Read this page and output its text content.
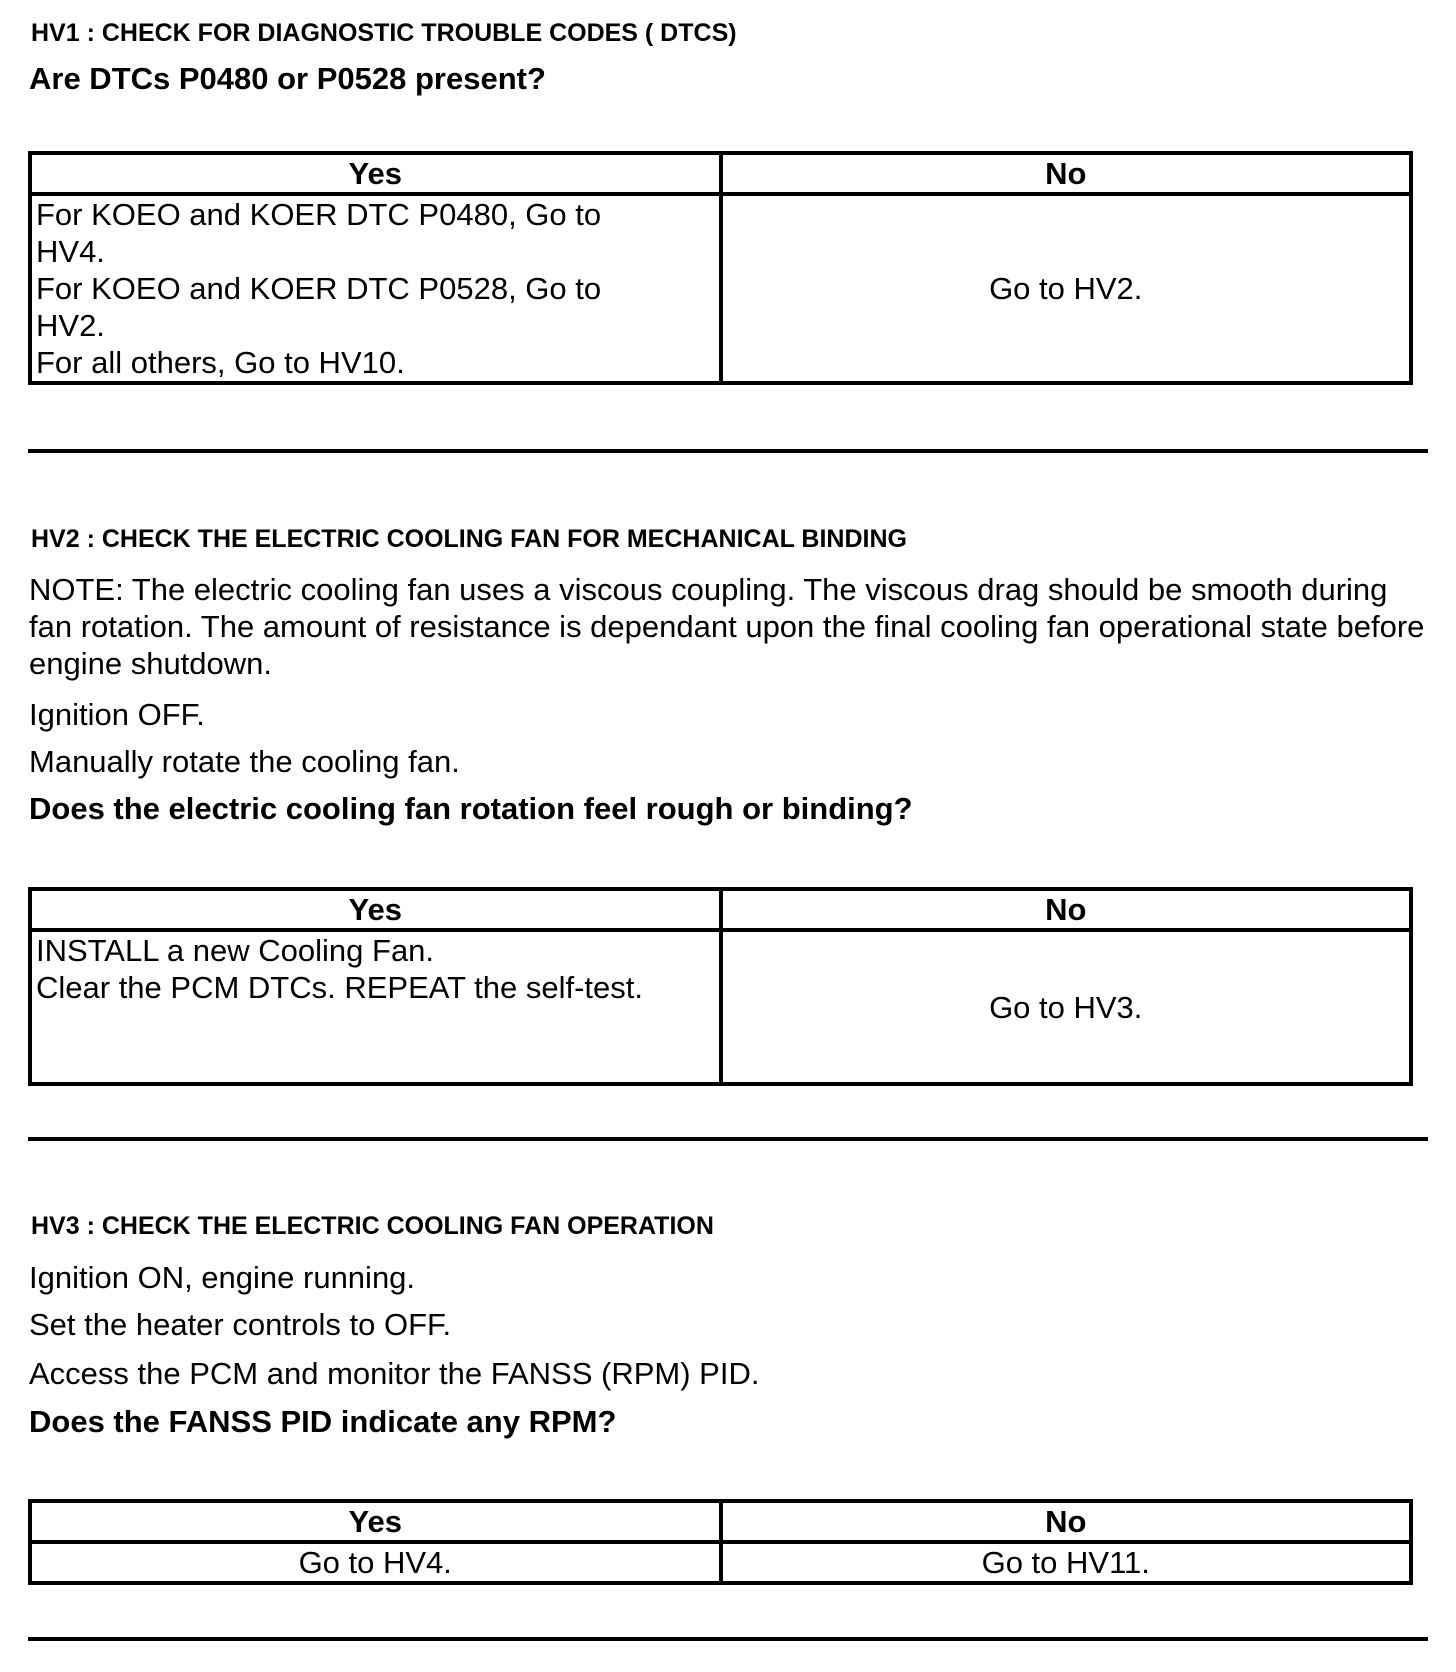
HV1 : CHECK FOR DIAGNOSTIC TROUBLE CODES ( DTCS)
Are DTCs P0480 or P0528 present?
Yes	No

For KOEO and KOER DTC P0480, Go to
HV4.
For KOEO and KOER DTC P0528, Go to
HV2.
For all others, Go to HV10.	Go to HV2.
HV2 : CHECK THE ELECTRIC COOLING FAN FOR MECHANICAL BINDING
NOTE: The electric cooling fan uses a viscous coupling. The viscous drag should be smooth during fan rotation. The amount of resistance is dependant upon the final cooling fan operational state before engine shutdown.
Ignition OFF.
Manually rotate the cooling fan.
Does the electric cooling fan rotation feel rough or binding?
Yes	No

INSTALL a new Cooling Fan.
Clear the PCM DTCs. REPEAT the self-test.	Go to HV3.
HV3 : CHECK THE ELECTRIC COOLING FAN OPERATION
Ignition ON, engine running.
Set the heater controls to OFF.
Access the PCM and monitor the FANSS (RPM) PID.
Does the FANSS PID indicate any RPM?
Yes	No
Go to HV4.	Go to HV11.
